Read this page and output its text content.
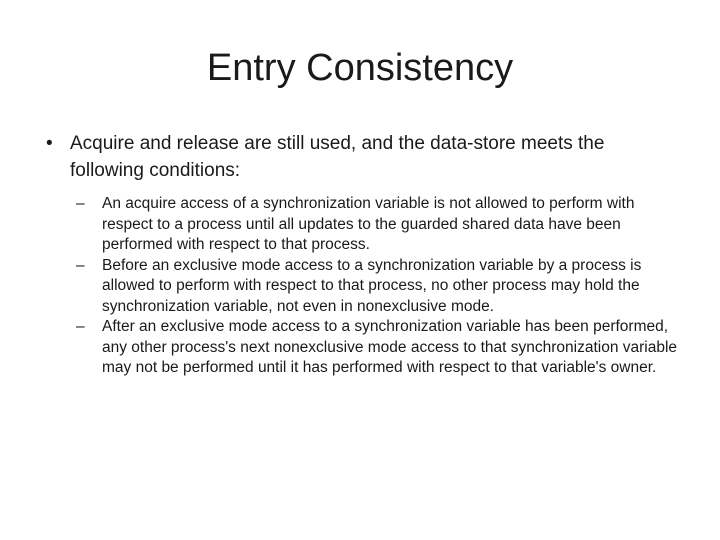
Entry Consistency
• Acquire and release are still used, and the data-store meets the following conditions:
– An acquire access of a synchronization variable is not allowed to perform with respect to a process until all updates to the guarded shared data have been performed with respect to that process.
– Before an exclusive mode access to a synchronization variable by a process is allowed to perform with respect to that process, no other process may hold the synchronization variable, not even in nonexclusive mode.
– After an exclusive mode access to a synchronization variable has been performed, any other process's next nonexclusive mode access to that synchronization variable may not be performed until it has performed with respect to that variable's owner.
